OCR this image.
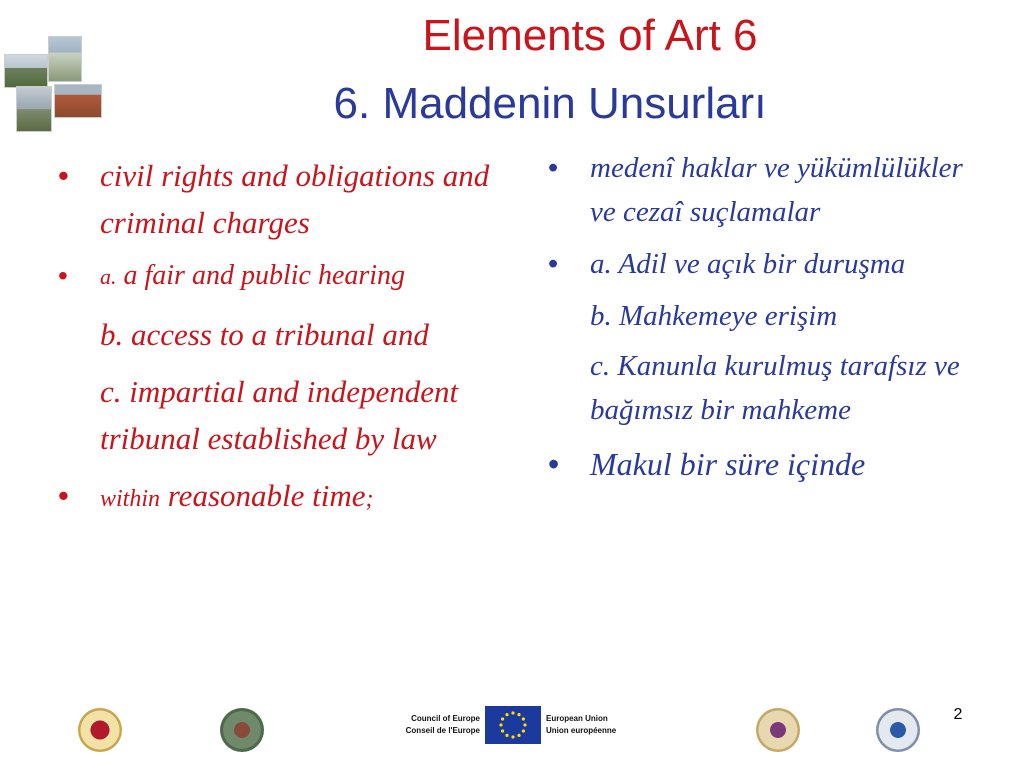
Elements of Art 6
6. Maddenin Unsurları
• civil rights and obligations and criminal charges
• a. a fair and public hearing
b. access to a tribunal and
c. impartial and independent tribunal established by law
• within reasonable time;
• medenî haklar ve yükümlülükler ve cezaî suçlamalar
• a. Adil ve açık bir duruşma
b. Mahkemeye erişim
c. Kanunla kurulmuş tarafsız ve bağımsız bir mahkeme
• Makul bir süre içinde
Council of Europe
Conseil de l'Europe
European Union
Union européenne
2
